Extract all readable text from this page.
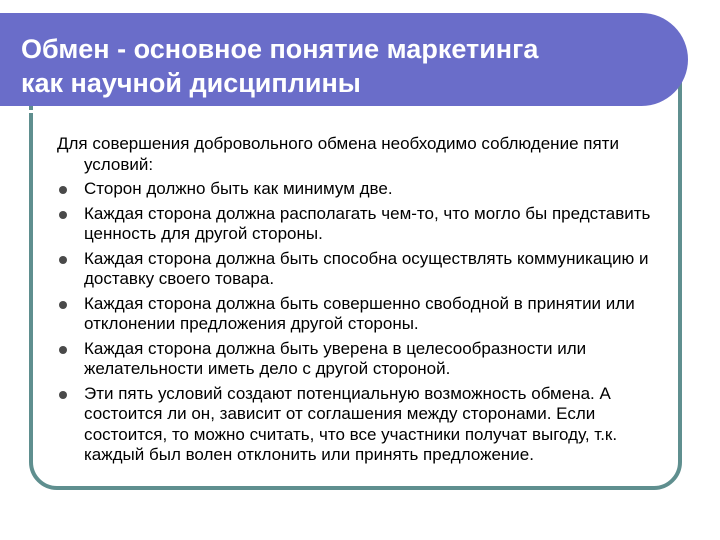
Обмен - основное понятие маркетинга
как научной дисциплины

Для совершения добровольного обмена необходимо соблюдение пяти условий:

Сторон должно быть как минимум две.
Каждая сторона должна располагать чем-то, что могло бы представить ценность для другой стороны.
Каждая сторона должна быть способна осуществлять коммуникацию и доставку своего товара.
Каждая сторона должна быть совершенно свободной в принятии или отклонении предложения другой стороны.
Каждая сторона должна быть уверена в целесообразности или желательности иметь дело с другой стороной.
Эти пять условий создают потенциальную возможность обмена. А состоится ли он, зависит от соглашения между сторонами. Если состоится, то можно считать, что все участники получат выгоду, т.к. каждый был волен отклонить или принять предложение.
